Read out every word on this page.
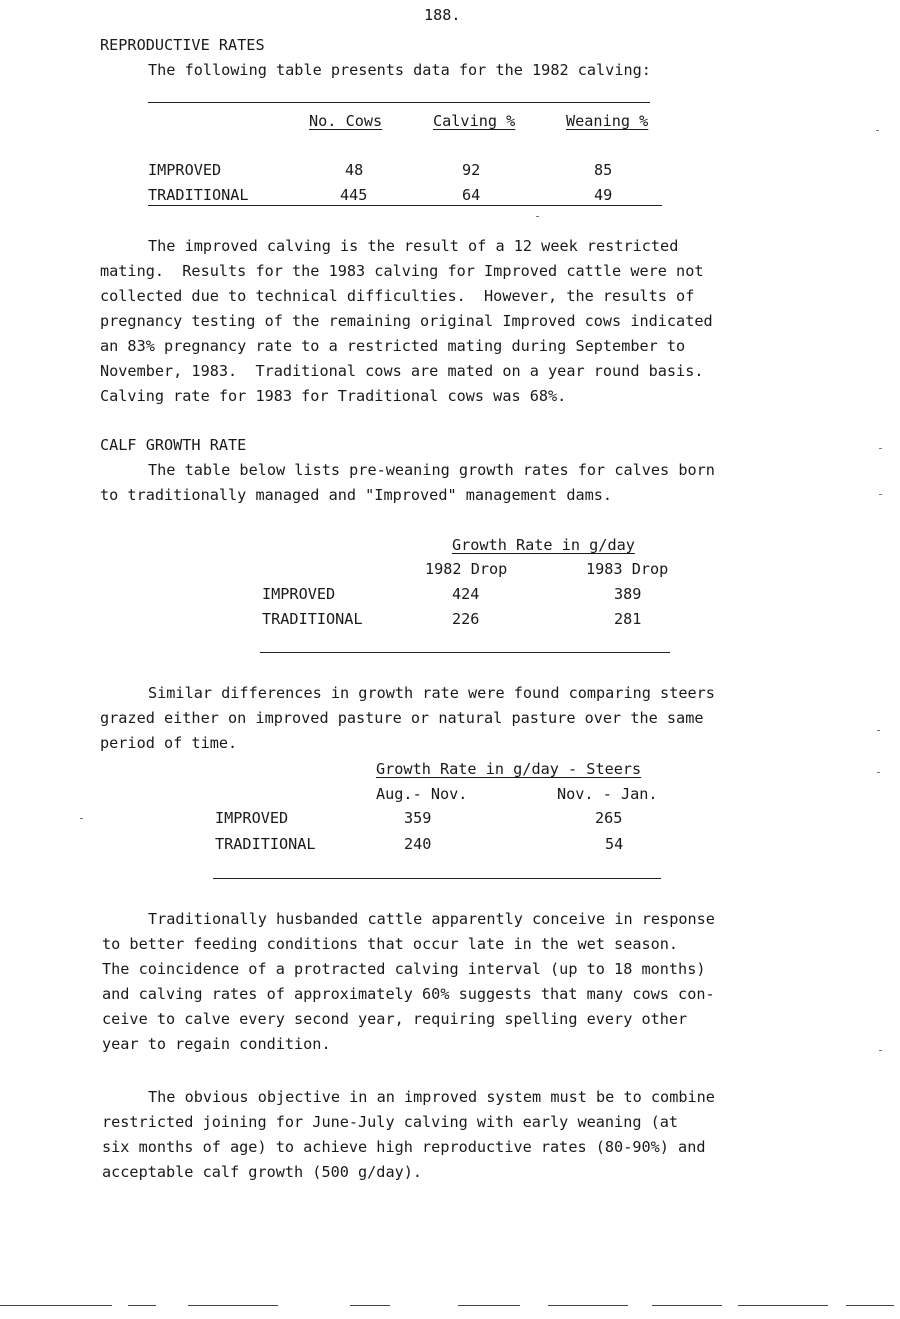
188.
REPRODUCTIVE RATES
The following table presents data for the 1982 calving:
No. Cows	Calving %	Weaning %
IMPROVED	48	92	85
TRADITIONAL	445	64	49
The improved calving is the result of a 12 week restricted
mating.  Results for the 1983 calving for Improved cattle were not
collected due to technical difficulties.  However, the results of
pregnancy testing of the remaining original Improved cows indicated
an 83% pregnancy rate to a restricted mating during September to
November, 1983.  Traditional cows are mated on a year round basis.
Calving rate for 1983 for Traditional cows was 68%.
CALF GROWTH RATE
The table below lists pre-weaning growth rates for calves born
to traditionally managed and "Improved" management dams.
Growth Rate in g/day
1982 Drop	1983 Drop
IMPROVED	424	389
TRADITIONAL	226	281
Similar differences in growth rate were found comparing steers
grazed either on improved pasture or natural pasture over the same
period of time.
Growth Rate in g/day - Steers
Aug.- Nov.	Nov. - Jan.
IMPROVED	359	265
TRADITIONAL	240	54
Traditionally husbanded cattle apparently conceive in response
to better feeding conditions that occur late in the wet season.
The coincidence of a protracted calving interval (up to 18 months)
and calving rates of approximately 60% suggests that many cows con-
ceive to calve every second year, requiring spelling every other
year to regain condition.
The obvious objective in an improved system must be to combine
restricted joining for June-July calving with early weaning (at
six months of age) to achieve high reproductive rates (80-90%) and
acceptable calf growth (500 g/day).
